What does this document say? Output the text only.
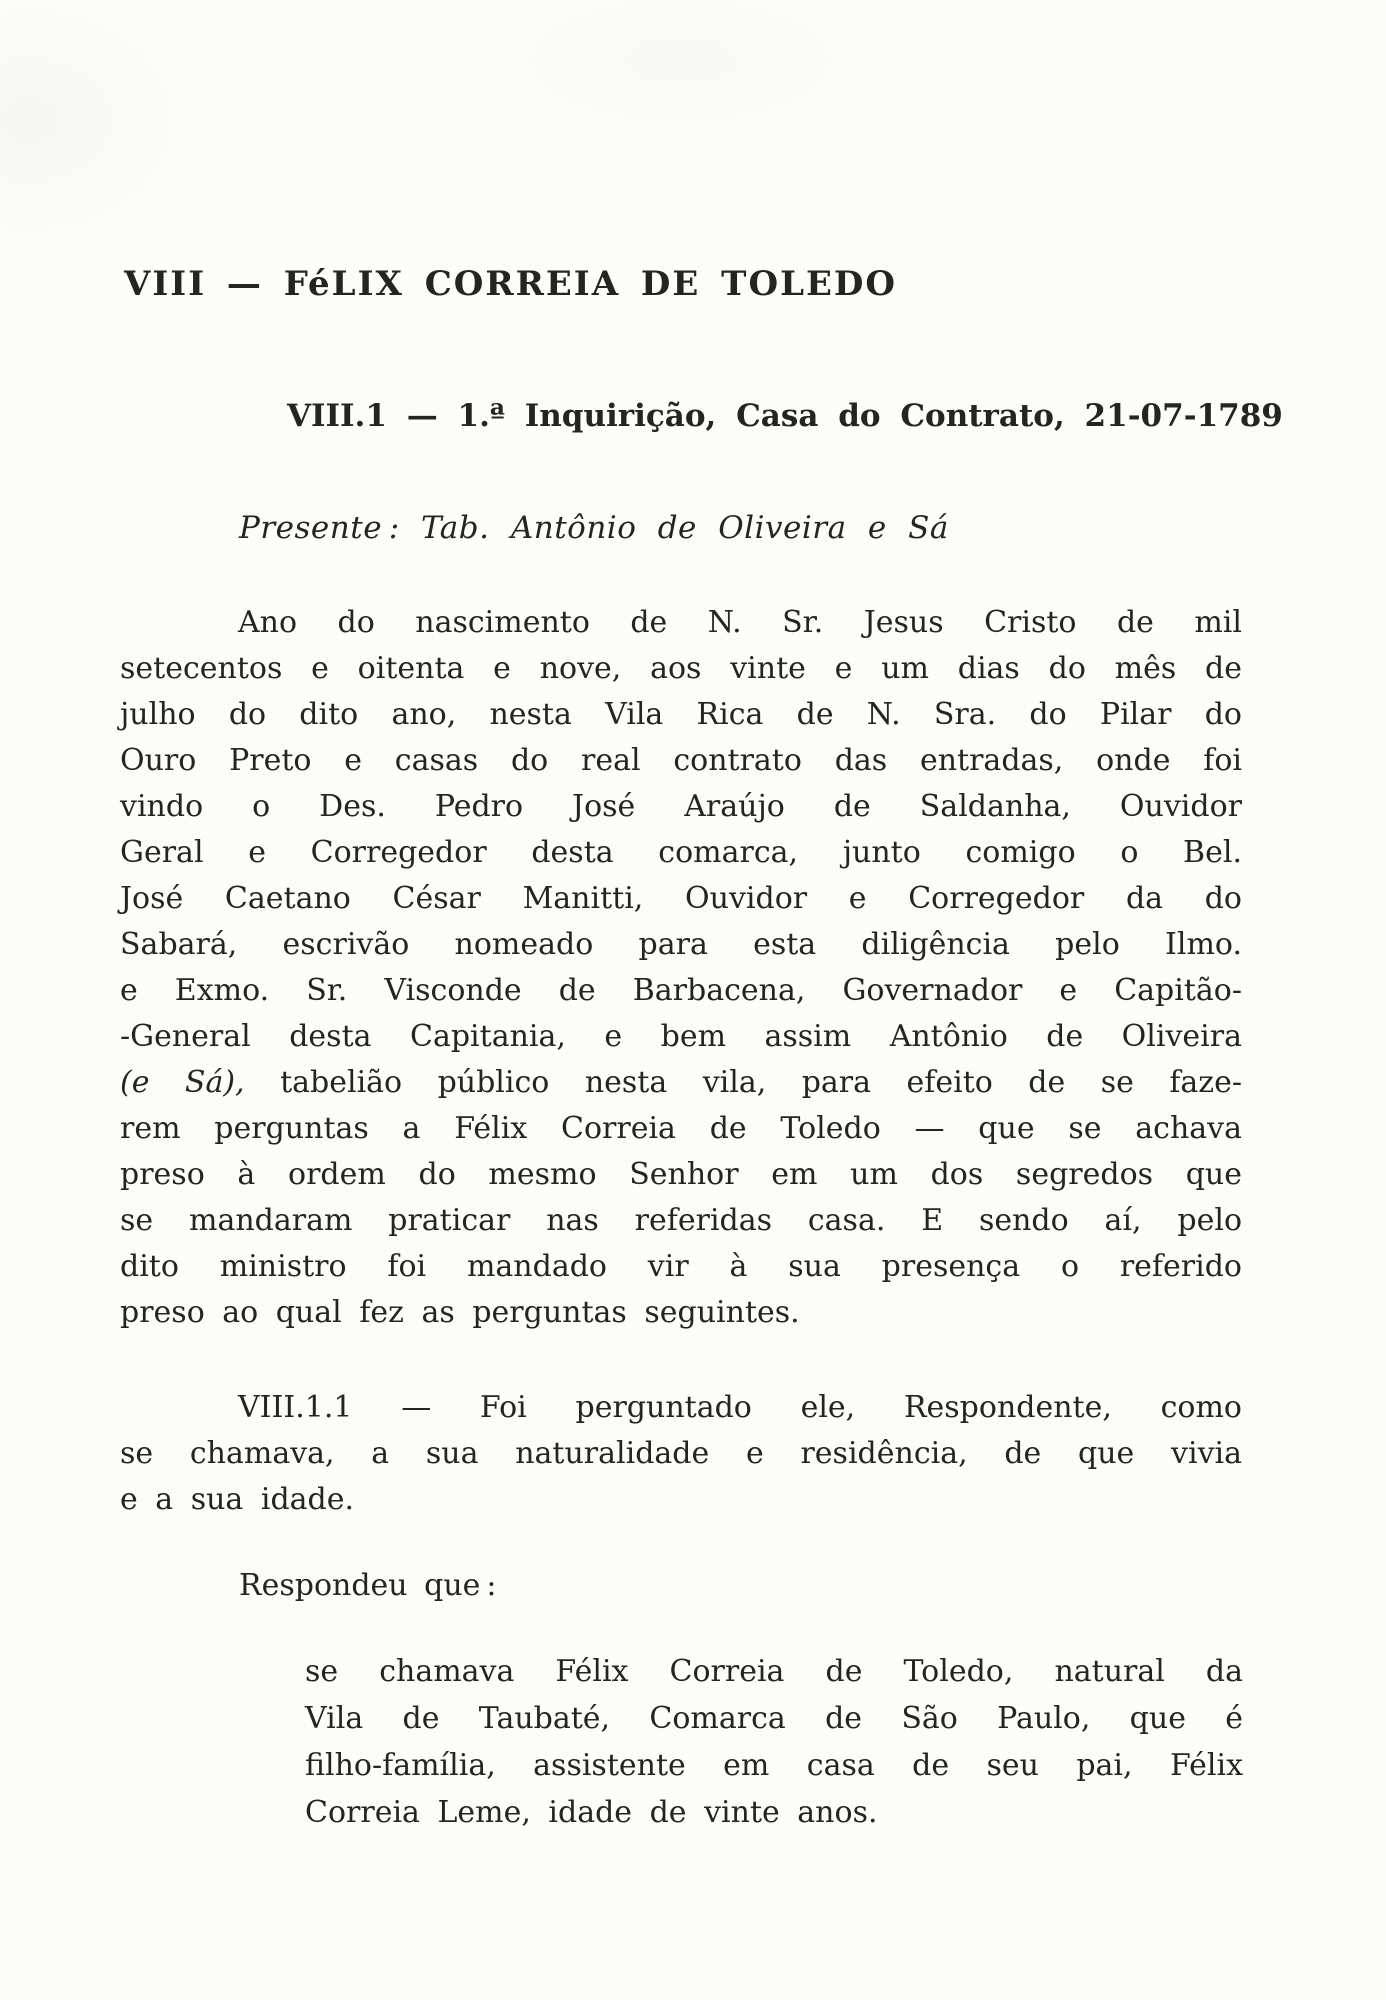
VIII — FéLIX CORREIA DE TOLEDO
VIII.1 — 1.ª Inquirição, Casa do Contrato, 21-07-1789
Presente : Tab. Antônio de Oliveira e Sá
Ano do nascimento de N. Sr. Jesus Cristo de mil
setecentos e oitenta e nove, aos vinte e um dias do mês de
julho do dito ano, nesta Vila Rica de N. Sra. do Pilar do
Ouro Preto e casas do real contrato das entradas, onde foi
vindo o Des. Pedro José Araújo de Saldanha, Ouvidor
Geral e Corregedor desta comarca, junto comigo o Bel.
José Caetano César Manitti, Ouvidor e Corregedor da do
Sabará, escrivão nomeado para esta diligência pelo Ilmo.
e Exmo. Sr. Visconde de Barbacena, Governador e Capitão-
-General desta Capitania, e bem assim Antônio de Oliveira
(e Sá), tabelião público nesta vila, para efeito de se faze-
rem perguntas a Félix Correia de Toledo — que se achava
preso à ordem do mesmo Senhor em um dos segredos que
se mandaram praticar nas referidas casa. E sendo aí, pelo
dito ministro foi mandado vir à sua presença o referido
preso ao qual fez as perguntas seguintes.
VIII.1.1 — Foi perguntado ele, Respondente, como
se chamava, a sua naturalidade e residência, de que vivia
e a sua idade.
Respondeu que :
se chamava Félix Correia de Toledo, natural da
Vila de Taubaté, Comarca de São Paulo, que é
filho-família, assistente em casa de seu pai, Félix
Correia Leme, idade de vinte anos.
